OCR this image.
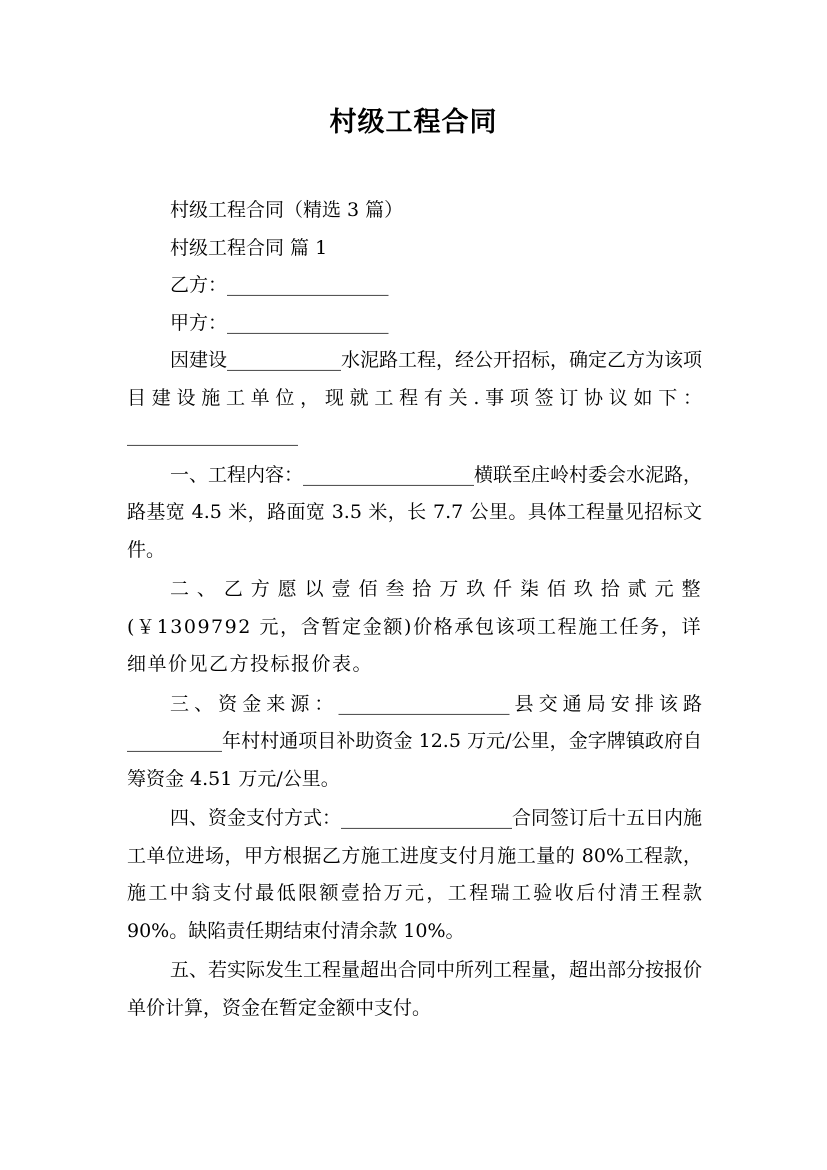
村级工程合同
村级工程合同（精选 3 篇）
村级工程合同 篇 1
乙方：_________________
甲方：_________________

因建设____________水泥路工程，经公开招标，确定乙方为该项目建设施工单位，现就工程有关.事项签订协议如下：__________________

一、工程内容：__________________横联至庄岭村委会水泥路，路基宽 4.5 米，路面宽 3.5 米，长 7.7 公里。具体工程量见招标文件。

二、乙方愿以壹佰叁拾万玖仟柒佰玖拾贰元整(￥1309792 元，含暂定金额)价格承包该项工程施工任务，详细单价见乙方投标报价表。

三、资金来源：__________________县交通局安排该路__________年村村通项目补助资金 12.5 万元/公里，金字牌镇政府自筹资金 4.51 万元/公里。

四、资金支付方式：__________________合同签订后十五日内施工单位进场，甲方根据乙方施工进度支付月施工量的 80%工程款，施工中翁支付最低限额壹拾万元，工程瑞工验收后付清王程款 90%。缺陷责任期结束付清余款 10%。

五、若实际发生工程量超出合同中所列工程量，超出部分按报价单价计算，资金在暂定金额中支付。
